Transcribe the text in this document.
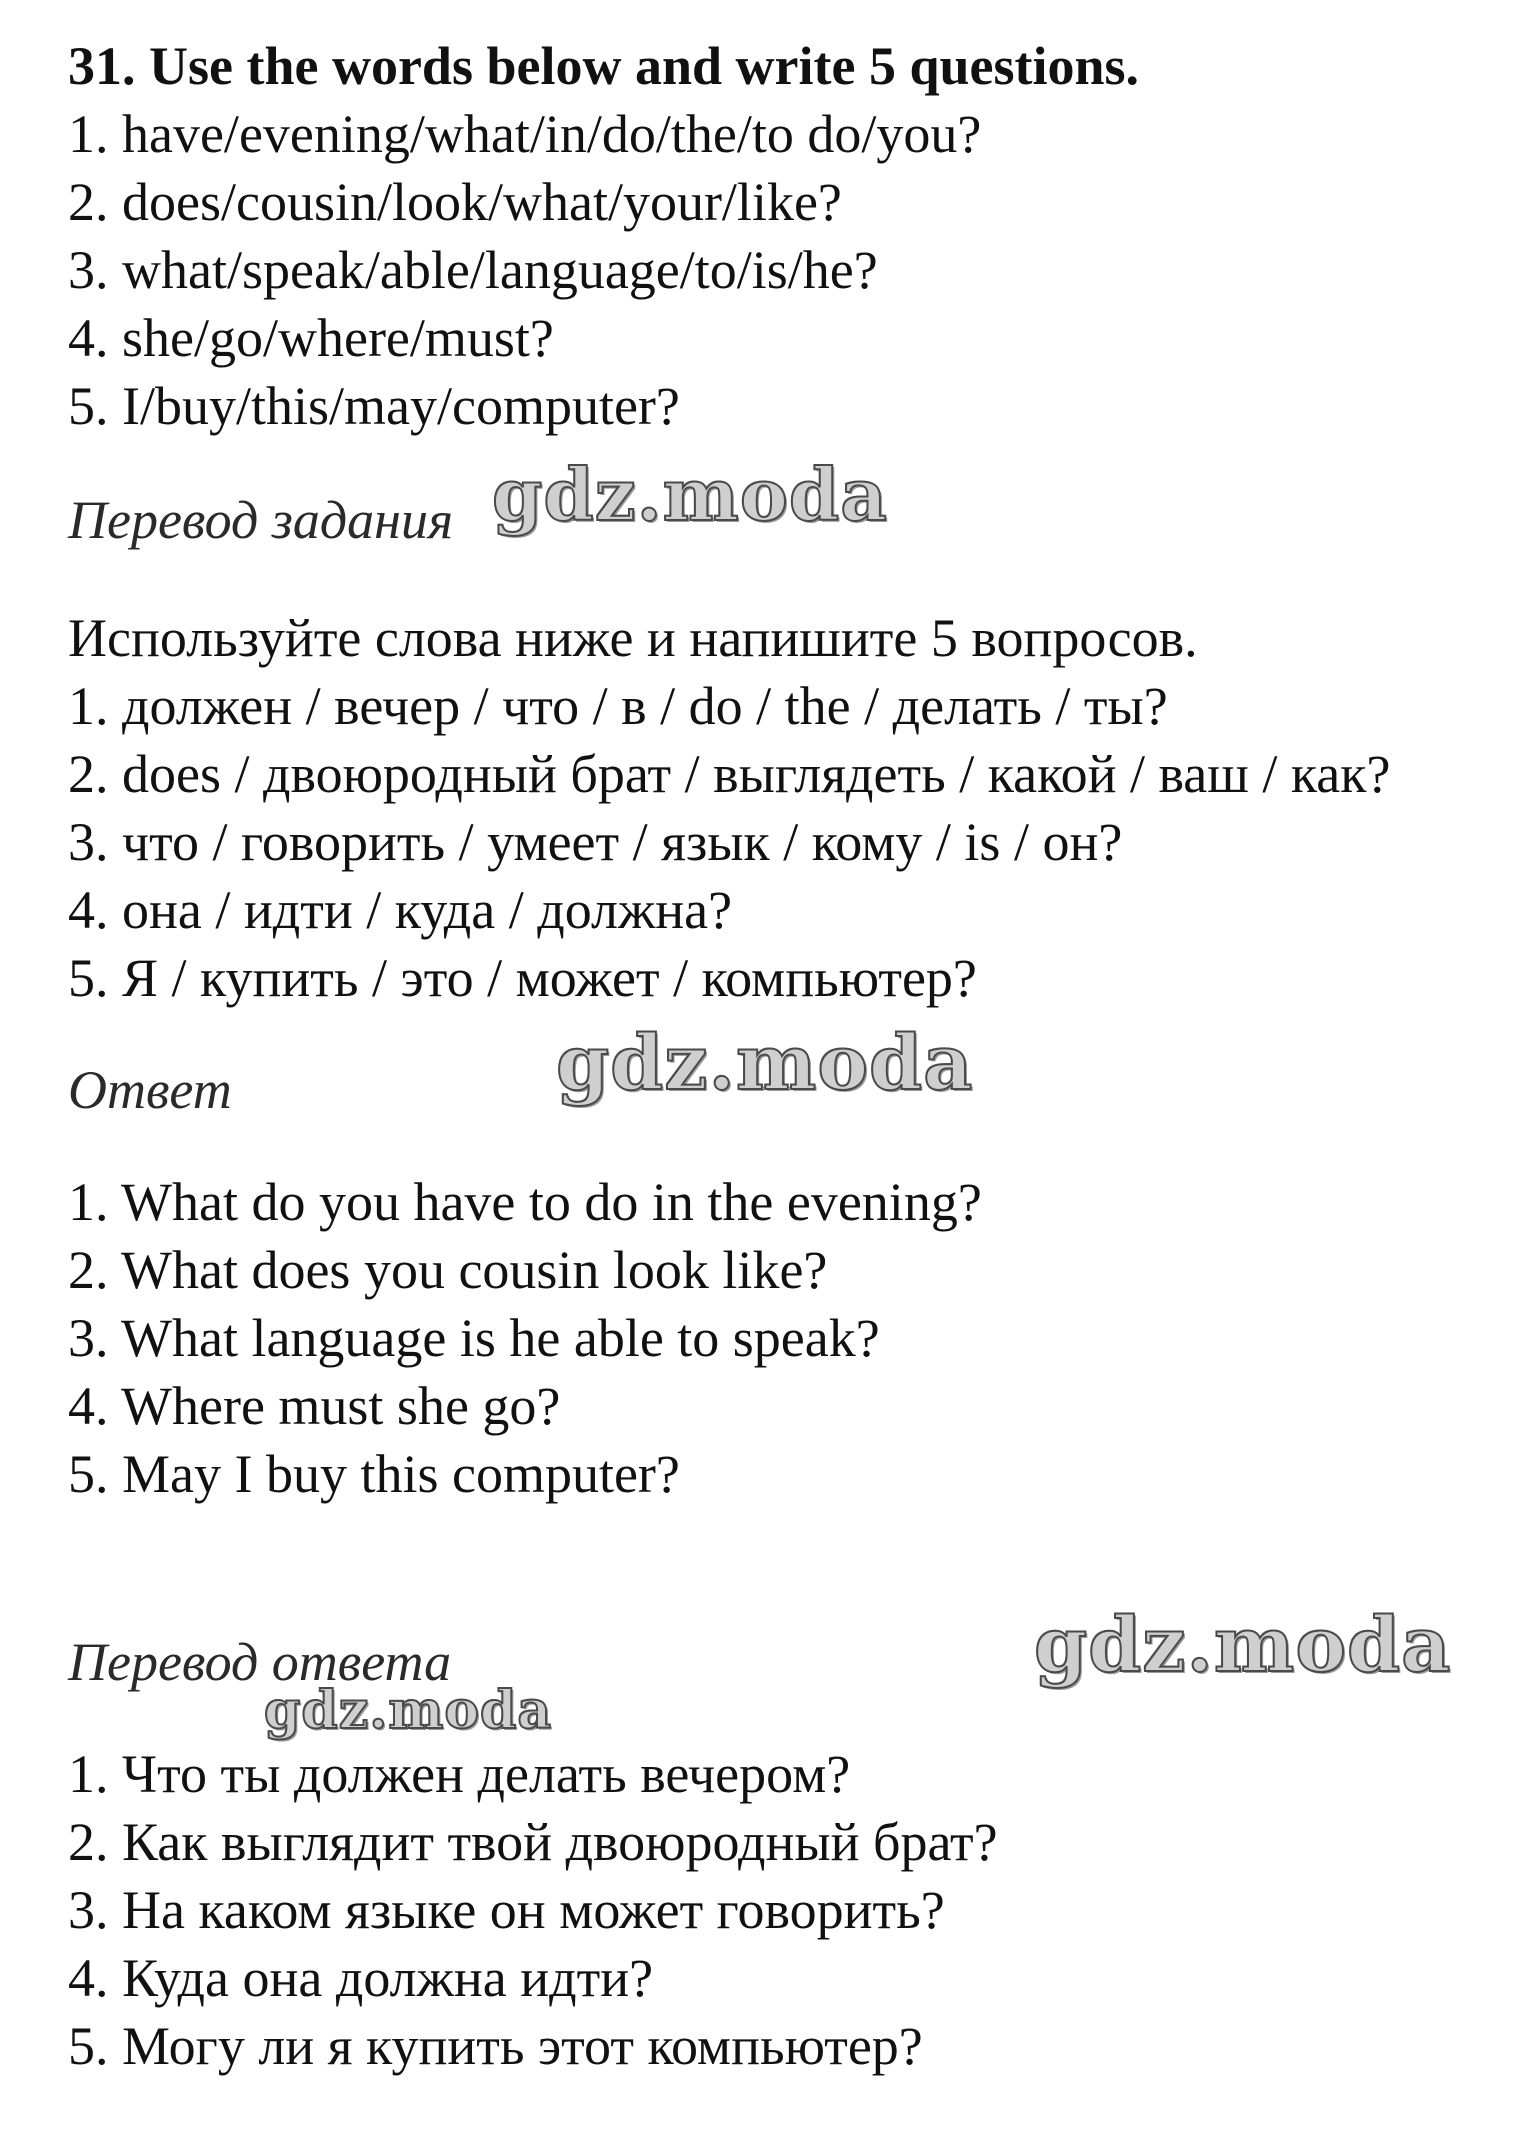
31. Use the words below and write 5 questions.
1. have/evening/what/in/do/the/to do/you?
2. does/cousin/look/what/your/like?
3. what/speak/able/language/to/is/he?
4. she/go/where/must?
5. I/buy/this/may/computer?
Перевод задания
Используйте слова ниже и напишите 5 вопросов.
1. должен / вечер / что / в / do / the / делать / ты?
2. does / двоюродный брат / выглядеть / какой / ваш / как?
3. что / говорить / умеет / язык / кому / is / он?
4. она / идти / куда / должна?
5. Я / купить / это / может / компьютер?
Ответ
1. What do you have to do in the evening?
2. What does you cousin look like?
3. What language is he able to speak?
4. Where must she go?
5. May I buy this computer?
Перевод ответа
1. Что ты должен делать вечером?
2. Как выглядит твой двоюродный брат?
3. На каком языке он может говорить?
4. Куда она должна идти?
5. Могу ли я купить этот компьютер?
gdz.moda
gdz.moda
gdz.moda
gdz.moda
